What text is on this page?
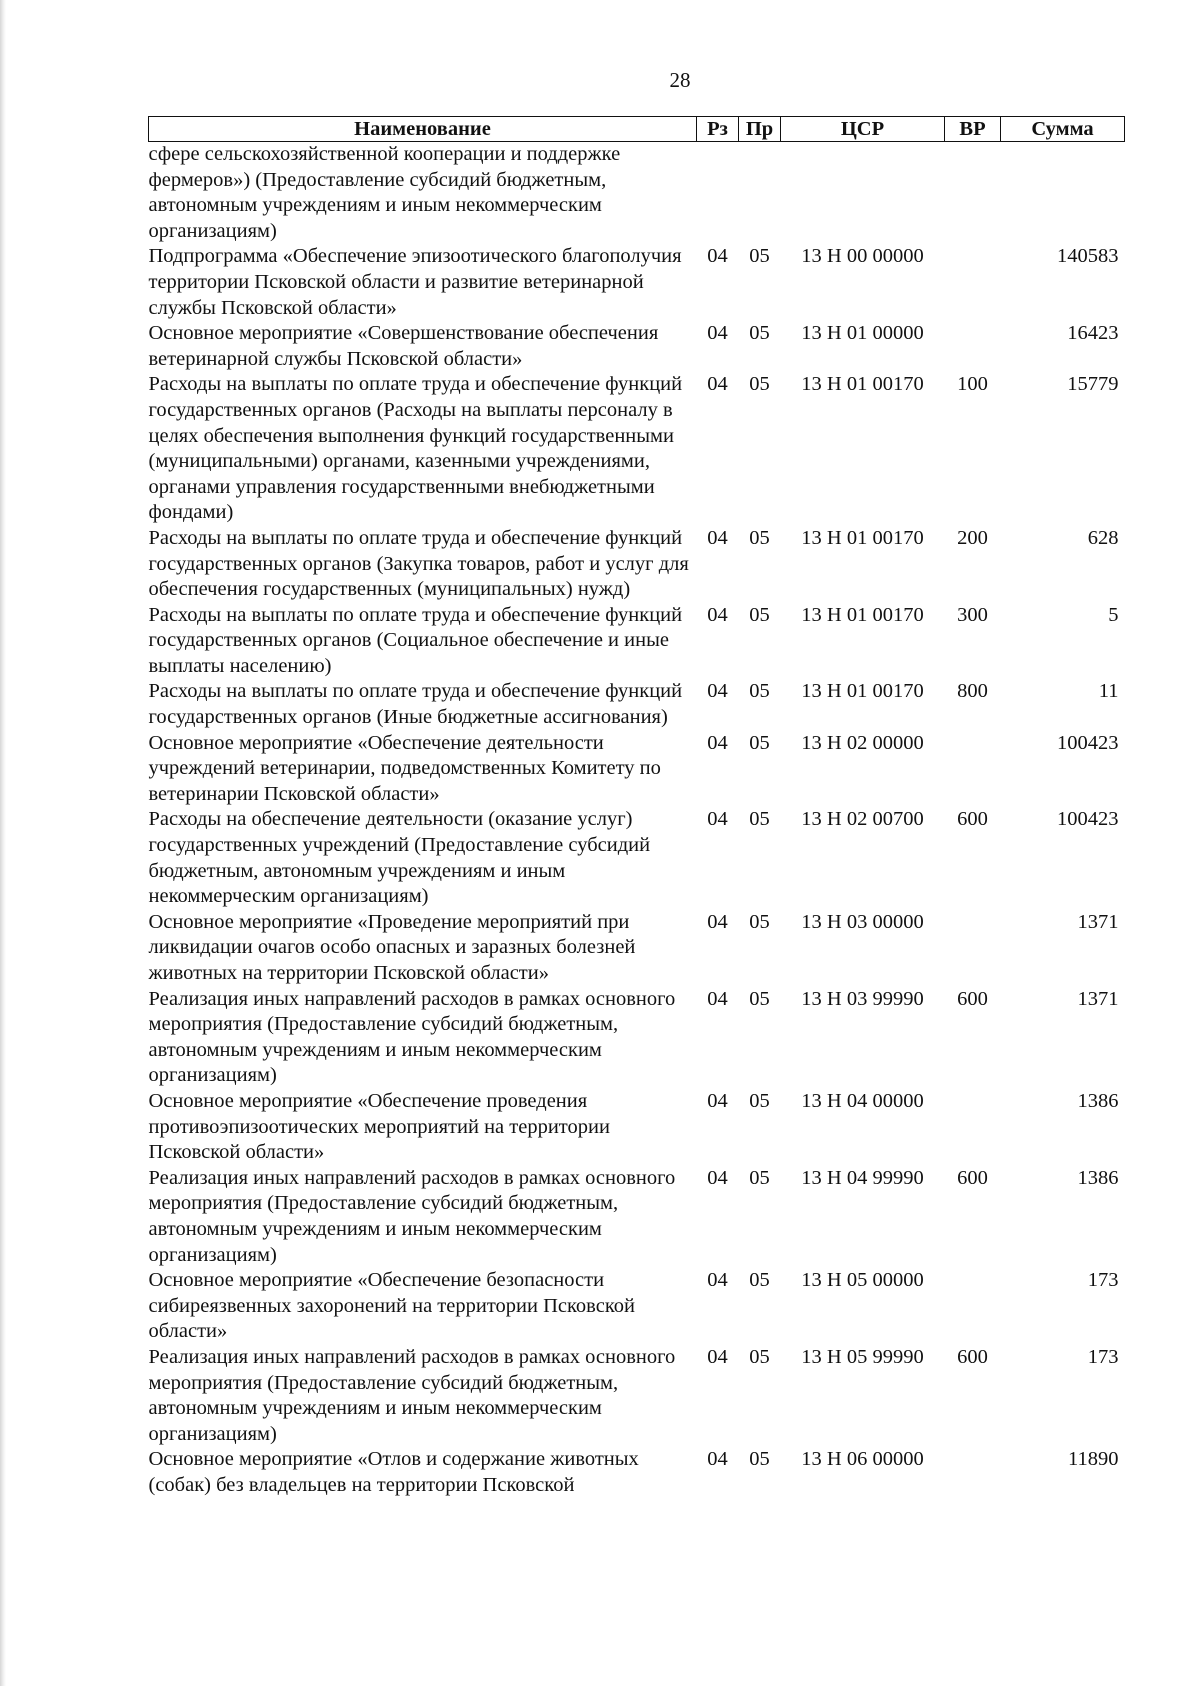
28
Наименование	Рз	Пр	ЦСР	ВР	Сумма
сфере сельскохозяйственной кооперации и поддержке фермеров») (Предоставление субсидий бюджетным, автономным учреждениям и иным некоммерческим организациям)					
Подпрограмма «Обеспечение эпизоотического благополучия территории Псковской области и развитие ветеринарной службы Псковской области»	04	05	13 Н 00 00000		140583
Основное мероприятие «Совершенствование обеспечения ветеринарной службы Псковской области»	04	05	13 Н 01 00000		16423
Расходы на выплаты по оплате труда и обеспечение функций государственных органов (Расходы на выплаты персоналу в целях обеспечения выполнения функций государственными (муниципальными) органами, казенными учреждениями, органами управления государственными внебюджетными фондами)	04	05	13 Н 01 00170	100	15779
Расходы на выплаты по оплате труда и обеспечение функций государственных органов (Закупка товаров, работ и услуг для обеспечения государственных (муниципальных) нужд)	04	05	13 Н 01 00170	200	628
Расходы на выплаты по оплате труда и обеспечение функций государственных органов (Социальное обеспечение и иные выплаты населению)	04	05	13 Н 01 00170	300	5
Расходы на выплаты по оплате труда и обеспечение функций государственных органов (Иные бюджетные ассигнования)	04	05	13 Н 01 00170	800	11
Основное мероприятие «Обеспечение деятельности учреждений ветеринарии, подведомственных Комитету по ветеринарии Псковской области»	04	05	13 Н 02 00000		100423
Расходы на обеспечение деятельности (оказание услуг) государственных учреждений (Предоставление субсидий бюджетным, автономным учреждениям и иным некоммерческим организациям)	04	05	13 Н 02 00700	600	100423
Основное мероприятие «Проведение мероприятий при ликвидации очагов особо опасных и заразных болезней животных на территории Псковской области»	04	05	13 Н 03 00000		1371
Реализация иных направлений расходов в рамках основного мероприятия (Предоставление субсидий бюджетным, автономным учреждениям и иным некоммерческим организациям)	04	05	13 Н 03 99990	600	1371
Основное мероприятие «Обеспечение проведения противоэпизоотических мероприятий на территории Псковской области»	04	05	13 Н 04 00000		1386
Реализация иных направлений расходов в рамках основного мероприятия (Предоставление субсидий бюджетным, автономным учреждениям и иным некоммерческим организациям)	04	05	13 Н 04 99990	600	1386
Основное мероприятие «Обеспечение безопасности сибиреязвенных захоронений на территории Псковской области»	04	05	13 Н 05 00000		173
Реализация иных направлений расходов в рамках основного мероприятия (Предоставление субсидий бюджетным, автономным учреждениям и иным некоммерческим организациям)	04	05	13 Н 05 99990	600	173
Основное мероприятие «Отлов и содержание животных (собак) без владельцев на территории Псковской	04	05	13 Н 06 00000		11890
